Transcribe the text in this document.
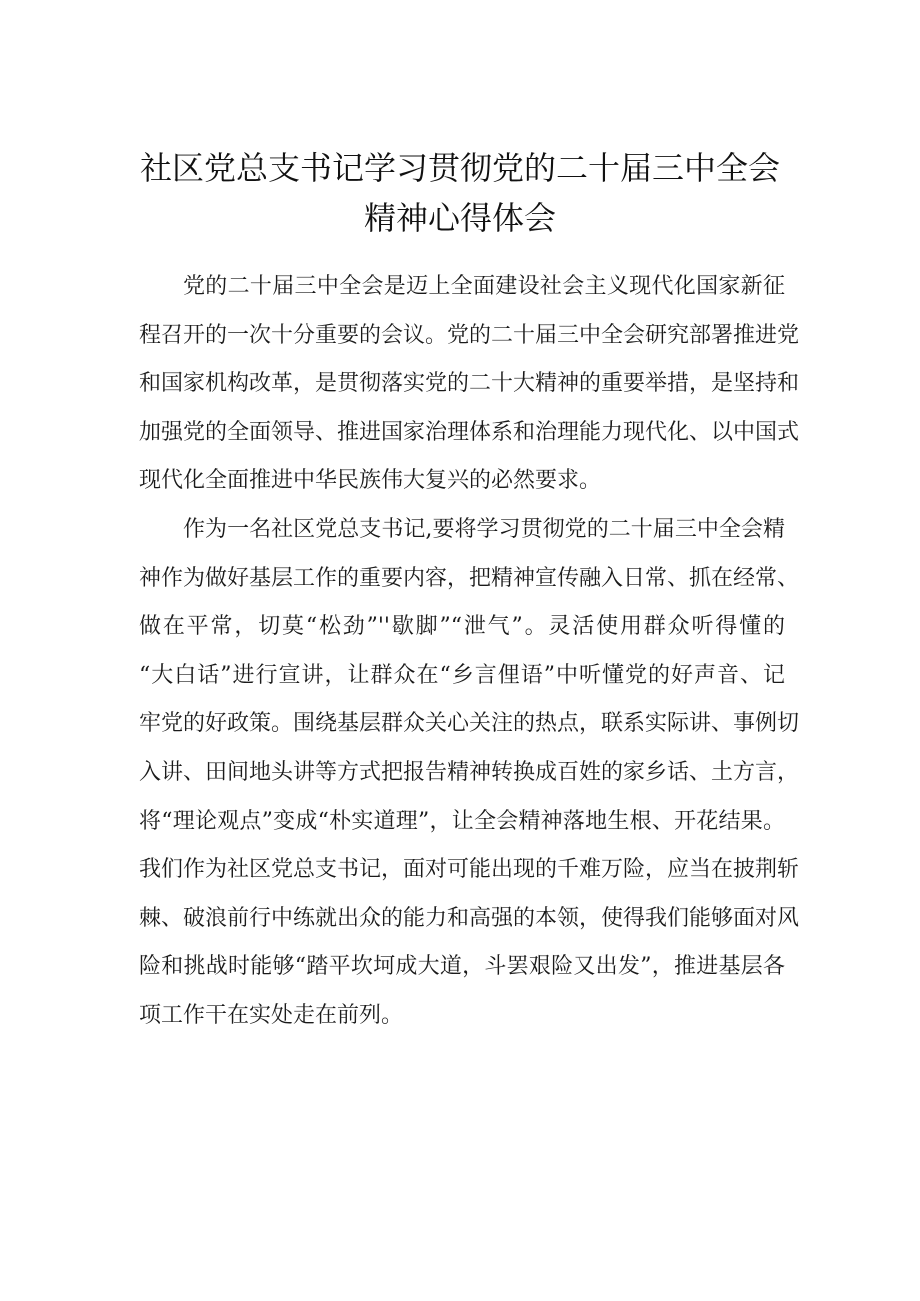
社区党总支书记学习贯彻党的二十届三中全会
精神心得体会
党的二十届三中全会是迈上全面建设社会主义现代化国家新征
程召开的一次十分重要的会议。党的二十届三中全会研究部署推进党
和国家机构改革，是贯彻落实党的二十大精神的重要举措，是坚持和
加强党的全面领导、推进国家治理体系和治理能力现代化、以中国式
现代化全面推进中华民族伟大复兴的必然要求。
作为一名社区党总支书记,要将学习贯彻党的二十届三中全会精
神作为做好基层工作的重要内容，把精神宣传融入日常、抓在经常、
做在平常，切莫“松劲”''歇脚”“泄气”。灵活使用群众听得懂的
“大白话”进行宣讲，让群众在“乡言俚语”中听懂党的好声音、记
牢党的好政策。围绕基层群众关心关注的热点，联系实际讲、事例切
入讲、田间地头讲等方式把报告精神转换成百姓的家乡话、土方言，
将“理论观点”变成“朴实道理”，让全会精神落地生根、开花结果。
我们作为社区党总支书记，面对可能出现的千难万险，应当在披荆斩
棘、破浪前行中练就出众的能力和高强的本领，使得我们能够面对风
险和挑战时能够“踏平坎坷成大道，斗罢艰险又出发”，推进基层各
项工作干在实处走在前列。
